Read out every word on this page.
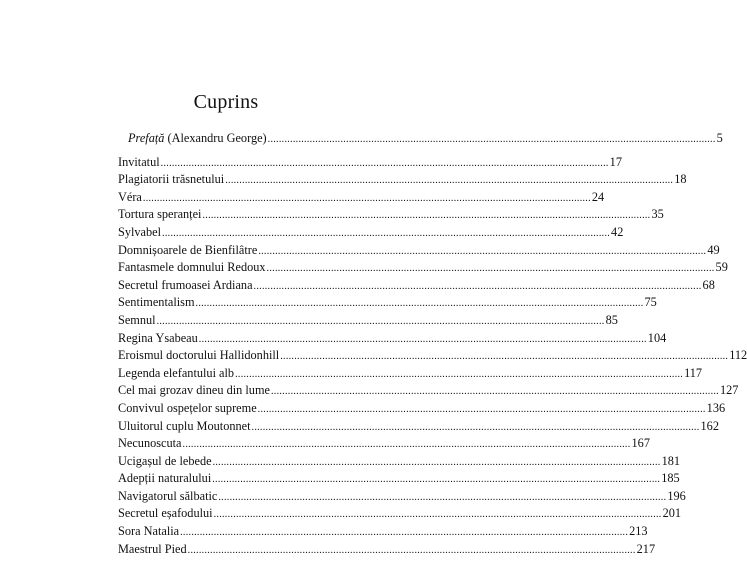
Cuprins
Prefață (Alexandru George) ................................................................................................................................................................ 5
Invitatul ................................................................................................................................................................ 17
Plagiatorii trăsnetului ................................................................................................................................................................ 18
Véra ................................................................................................................................................................ 24
Tortura speranței ................................................................................................................................................................ 35
Sylvabel ................................................................................................................................................................ 42
Domnișoarele de Bienfilâtre ................................................................................................................................................................ 49
Fantasmele domnului Redoux ................................................................................................................................................................ 59
Secretul frumoasei Ardiana ................................................................................................................................................................ 68
Sentimentalism ................................................................................................................................................................ 75
Semnul ................................................................................................................................................................ 85
Regina Ysabeau ................................................................................................................................................................ 104
Eroismul doctorului Hallidonhill ................................................................................................................................................................ 112
Legenda elefantului alb ................................................................................................................................................................ 117
Cel mai grozav dineu din lume ................................................................................................................................................................ 127
Convivul ospețelor supreme ................................................................................................................................................................ 136
Uluitorul cuplu Moutonnet ................................................................................................................................................................ 162
Necunoscuta ................................................................................................................................................................ 167
Ucigașul de lebede ................................................................................................................................................................ 181
Adepții naturalului ................................................................................................................................................................ 185
Navigatorul sălbatic ................................................................................................................................................................ 196
Secretul eșafodului ................................................................................................................................................................ 201
Sora Natalia ................................................................................................................................................................ 213
Maestrul Pied ................................................................................................................................................................ 217
